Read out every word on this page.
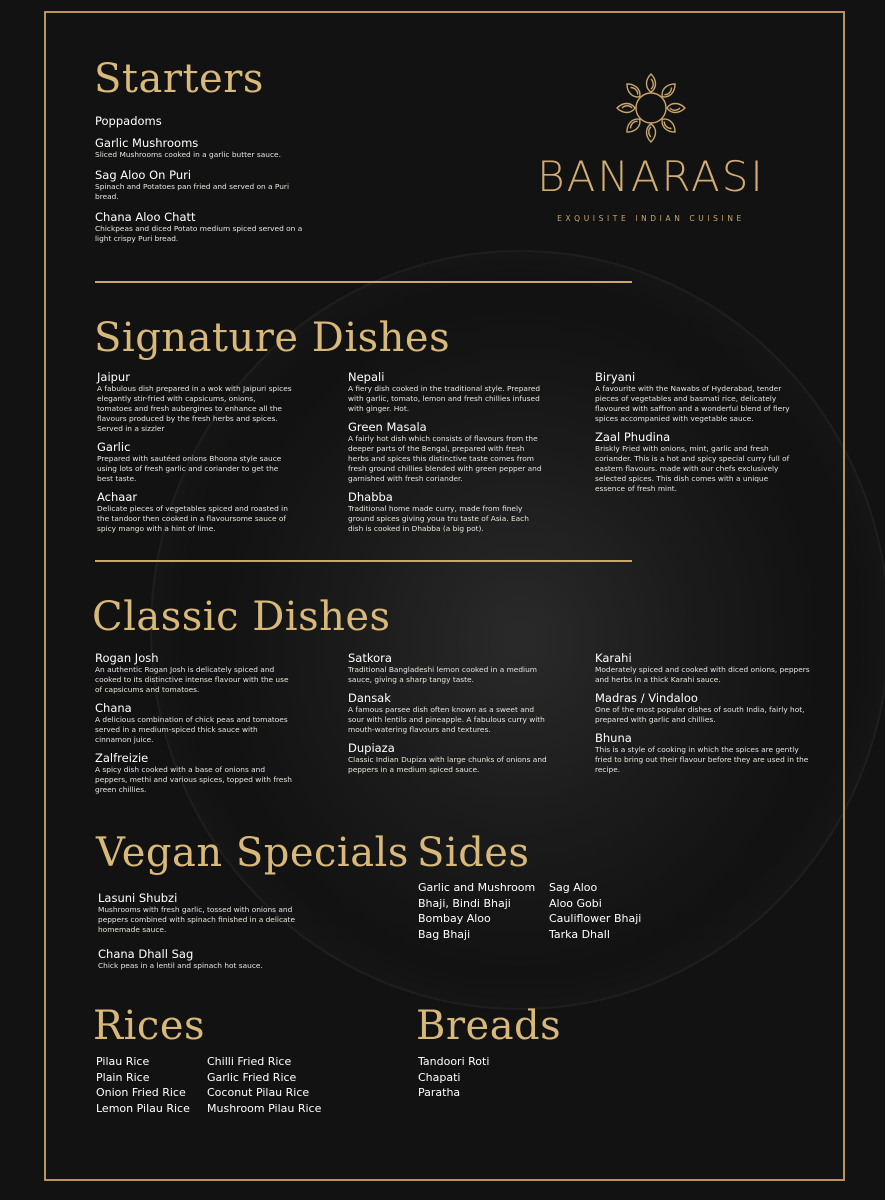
BANARASI
EXQUISITE INDIAN CUISINE
Starters
Poppadoms
Garlic Mushrooms
Sliced Mushrooms cooked in a garlic butter sauce.
Sag Aloo On Puri
Spinach and Potatoes pan fried and served on a Puri bread.
Chana Aloo Chatt
Chickpeas and diced Potato medium spiced served on a light crispy Puri bread.
Signature Dishes
Jaipur
A fabulous dish prepared in a wok with Jaipuri spices elegantly stir-fried with capsicums, onions, tomatoes and fresh aubergines to enhance all the flavours produced by the fresh herbs and spices. Served in a sizzler
Garlic
Prepared with sautéed onions Bhoona style sauce using lots of fresh garlic and coriander to get the best taste.
Achaar
Delicate pieces of vegetables spiced and roasted in the tandoor then cooked in a flavoursome sauce of spicy mango with a hint of lime.
Nepali
A fiery dish cooked in the traditional style. Prepared with garlic, tomato, lemon and fresh chillies infused with ginger. Hot.
Green Masala
A fairly hot dish which consists of flavours from the deeper parts of the Bengal, prepared with fresh herbs and spices this distinctive taste comes from fresh ground chillies blended with green pepper and garnished with fresh coriander.
Dhabba
Traditional home made curry, made from finely ground spices giving youa tru taste of Asia. Each dish is cooked in Dhabba (a big pot).
Biryani
A favourite with the Nawabs of Hyderabad, tender pieces of vegetables and basmati rice, delicately flavoured with saffron and a wonderful blend of fiery spices accompanied with vegetable sauce.
Zaal Phudina
Briskly Fried with onions, mint, garlic and fresh coriander. This is a hot and spicy special curry full of eastern flavours. made with our chefs exclusively selected spices. This dish comes with a unique essence of fresh mint.
Classic Dishes
Rogan Josh
An authentic Rogan Josh is delicately spiced and cooked to its distinctive intense flavour with the use of capsicums and tomatoes.
Chana
A delicious combination of chick peas and tomatoes served in a medium-spiced thick sauce with cinnamon juice.
Zalfreizie
A spicy dish cooked with a base of onions and peppers, methi and various spices, topped with fresh green chillies.
Satkora
Traditional Bangladeshi lemon cooked in a medium sauce, giving a sharp tangy taste.
Dansak
A famous parsee dish often known as a sweet and sour with lentils and pineapple. A fabulous curry with mouth-watering flavours and textures.
Dupiaza
Classic Indian Dupiza with large chunks of onions and peppers in a medium spiced sauce.
Karahi
Moderately spiced and cooked with diced onions, peppers and herbs in a thick Karahi sauce.
Madras / Vindaloo
One of the most popular dishes of south India, fairly hot, prepared with garlic and chillies.
Bhuna
This is a style of cooking in which the spices are gently fried to bring out their flavour before they are used in the recipe.
Vegan Specials
Lasuni Shubzi
Mushrooms with fresh garlic, tossed with onions and peppers combined with spinach finished in a delicate homemade sauce.
Chana Dhall Sag
Chick peas in a lentil and spinach hot sauce.
Sides
Garlic and Mushroom
Bhaji, Bindi Bhaji
Bombay Aloo
Bag Bhaji
Sag Aloo
Aloo Gobi
Cauliflower Bhaji
Tarka Dhall
Rices
Pilau Rice
Plain Rice
Onion Fried Rice
Lemon Pilau Rice
Chilli Fried Rice
Garlic Fried Rice
Coconut Pilau Rice
Mushroom Pilau Rice
Breads
Tandoori Roti
Chapati
Paratha
